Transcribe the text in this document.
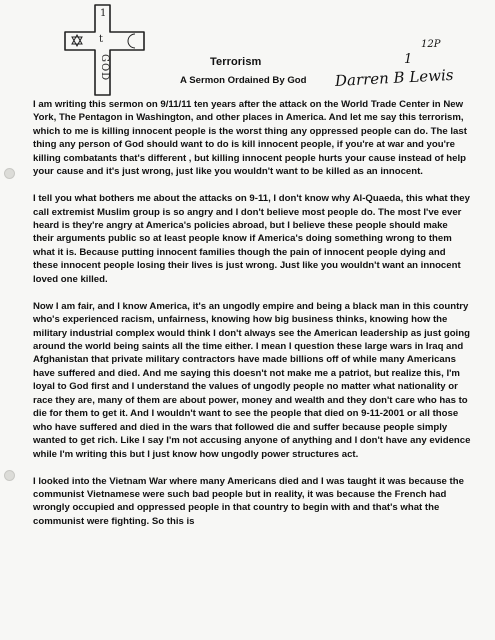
1
t
GOD	Terrorism
A Sermon Ordained By God
12P
1
Darren B Lewis

I am writing this sermon on 9/11/11 ten years after the attack on the World Trade Center in New York, The Pentagon in Washington, and other places in America. And let me say this terrorism, which to me is killing innocent people is the worst thing any oppressed people can do. The last thing any person of God should want to do is kill innocent people, if you're at war and you're killing combatants that's different , but killing innocent people hurts your cause instead of help your cause and it's just wrong, just like you wouldn't want to be killed as an innocent.

I tell you what bothers me about the attacks on 9-11, I don't know why Al-Quaeda, this what they call extremist Muslim group is so angry and I don't believe most people do. The most I've ever heard is they're angry at America's policies abroad, but I believe these people should make their arguments public so at least people know if America's doing something wrong to them what it is. Because putting innocent families though the pain of innocent people dying and these innocent people losing their lives is just wrong. Just like you wouldn't want an innocent loved one killed.

Now I am fair, and I know America, it's an ungodly empire and being a black man in this country who's experienced racism, unfairness, knowing how big business thinks, knowing how the military industrial complex would think I don't always see the American leadership as just going around the world being saints all the time either. I mean I question these large wars in Iraq and Afghanistan that private military contractors have made billions off of while many Americans have suffered and died. And me saying this doesn't not make me a patriot, but realize this, I'm loyal to God first and I understand the values of ungodly people no matter what nationality or race they are, many of them are about power, money and wealth and they don't care who has to die for them to get it. And I wouldn't want to see the people that died on 9-11-2001 or all those who have suffered and died in the wars that followed die and suffer because people simply wanted to get rich. Like I say I'm not accusing anyone of anything and I don't have any evidence while I'm writing this but I just know how ungodly power structures act.

I looked into the Vietnam War where many Americans died and I was taught it was because the communist Vietnamese were such bad people but in reality, it was because the French had wrongly occupied and oppressed people in that country to begin with and that's what the communist were fighting. So this is
